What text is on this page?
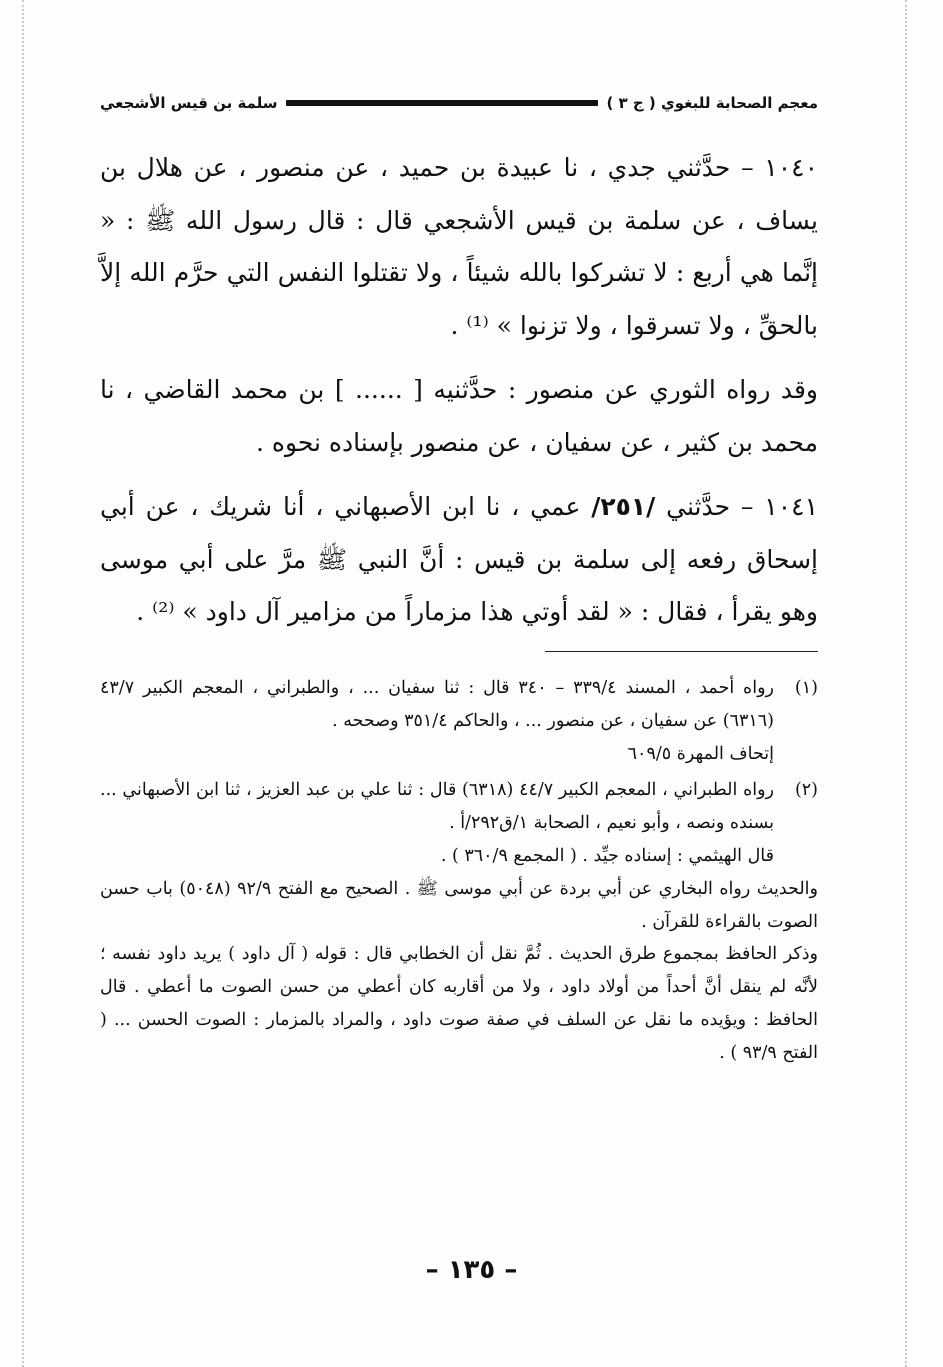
معجم الصحابة للبغوي ( ج ٣ )
سلمة بن قيس الأشجعي

١٠٤٠ – حدَّثني جدي ، نا عبيدة بن حميد ، عن منصور ، عن هلال بن يساف ، عن سلمة بن قيس الأشجعي قال : قال رسول الله ﷺ : « إنَّما هي أربع : لا تشركوا بالله شيئاً ، ولا تقتلوا النفس التي حرَّم الله إلاَّ بالحقِّ ، ولا تسرقوا ، ولا تزنوا » ⁽¹⁾ .

وقد رواه الثوري عن منصور : حدَّثنيه [ ...... ] بن محمد القاضي ، نا محمد بن كثير ، عن سفيان ، عن منصور بإسناده نحوه .

١٠٤١ – حدَّثني /٢٥١/ عمي ، نا ابن الأصبهاني ، أنا شريك ، عن أبي إسحاق رفعه إلى سلمة بن قيس : أنَّ النبي ﷺ مرَّ على أبي موسى وهو يقرأ ، فقال : « لقد أوتي هذا مزماراً من مزامير آل داود » ⁽²⁾ .

(١)رواه أحمد ، المسند ٣٣٩/٤ – ٣٤٠ قال : ثنا سفيان ... ، والطبراني ، المعجم الكبير ٤٣/٧ (٦٣١٦) عن سفيان ، عن منصور ... ، والحاكم ٣٥١/٤ وصححه .

إتحاف المهرة ٦٠٩/٥

(٢)رواه الطبراني ، المعجم الكبير ٤٤/٧ (٦٣١٨) قال : ثنا علي بن عبد العزيز ، ثنا ابن الأصبهاني ... بسنده ونصه ، وأبو نعيم ، الصحابة ١/ق٢٩٢/أ .

قال الهيثمي : إسناده جيِّد . ( المجمع ٣٦٠/٩ ) .

والحديث رواه البخاري عن أبي بردة عن أبي موسى ﷺ . الصحيح مع الفتح ٩٢/٩ (٥٠٤٨) باب حسن الصوت بالقراءة للقرآن .

وذكر الحافظ بمجموع طرق الحديث . ثُمَّ نقل أن الخطابي قال : قوله ( آل داود ) يريد داود نفسه ؛ لأنَّه لم ينقل أنَّ أحداً من أولاد داود ، ولا من أقاربه كان أعطي من حسن الصوت ما أعطي . قال الحافظ : ويؤيده ما نقل عن السلف في صفة صوت داود ، والمراد بالمزمار : الصوت الحسن ... ( الفتح ٩٣/٩ ) .

– ١٣٥ –
